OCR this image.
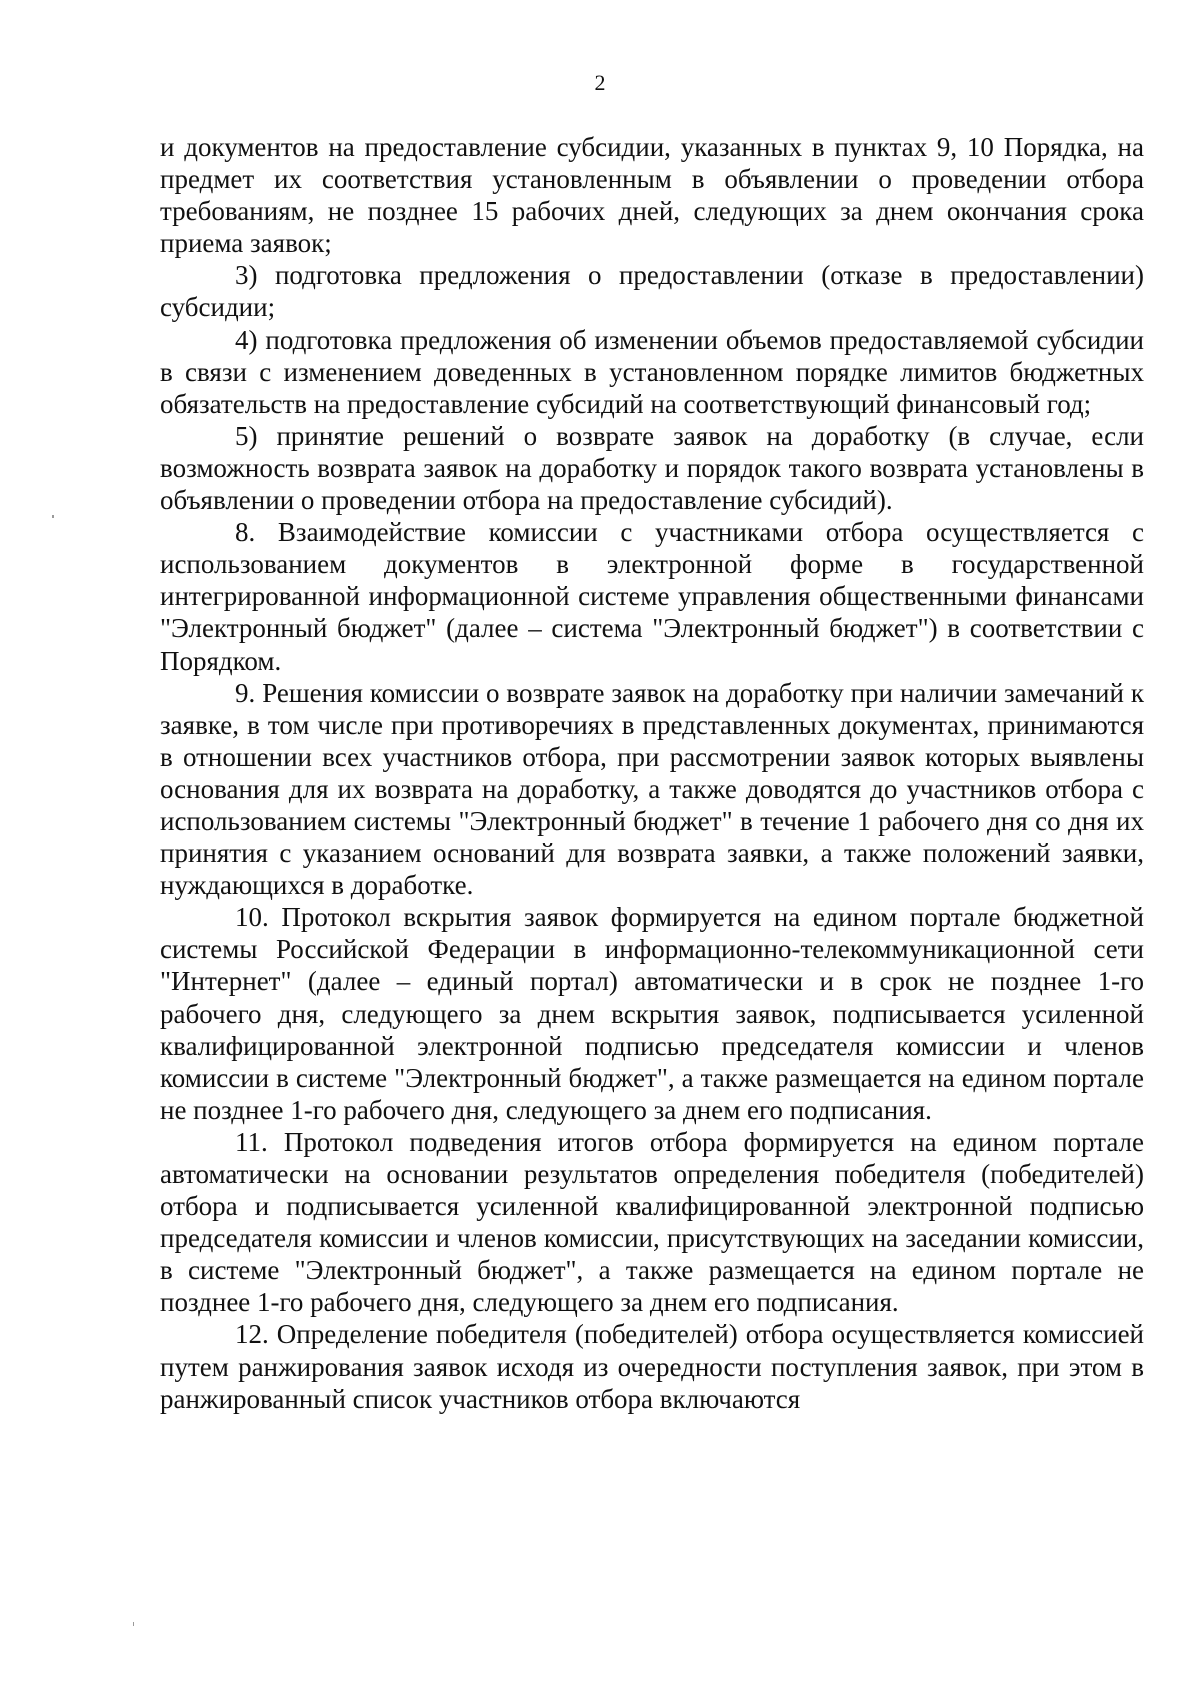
2

и документов на предоставление субсидии, указанных в пунктах 9, 10 Порядка, на предмет их соответствия установленным в объявлении о проведении отбора требованиям, не позднее 15 рабочих дней, следующих за днем окончания срока приема заявок;

3) подготовка предложения о предоставлении (отказе в предоставлении) субсидии;

4) подготовка предложения об изменении объемов предоставляемой субсидии в связи с изменением доведенных в установленном порядке лимитов бюджетных обязательств на предоставление субсидий на соответствующий финансовый год;

5) принятие решений о возврате заявок на доработку (в случае, если возможность возврата заявок на доработку и порядок такого возврата установлены в объявлении о проведении отбора на предоставление субсидий).

8. Взаимодействие комиссии с участниками отбора осуществляется с использованием документов в электронной форме в государственной интегрированной информационной системе управления общественными финансами "Электронный бюджет" (далее – система "Электронный бюджет") в соответствии с Порядком.

9. Решения комиссии о возврате заявок на доработку при наличии замечаний к заявке, в том числе при противоречиях в представленных документах, принимаются в отношении всех участников отбора, при рассмотрении заявок которых выявлены основания для их возврата на доработку, а также доводятся до участников отбора с использованием системы "Электронный бюджет" в течение 1 рабочего дня со дня их принятия с указанием оснований для возврата заявки, а также положений заявки, нуждающихся в доработке.

10. Протокол вскрытия заявок формируется на едином портале бюджетной системы Российской Федерации в информационно-телекоммуникационной сети "Интернет" (далее – единый портал) автоматически и в срок не позднее 1-го рабочего дня, следующего за днем вскрытия заявок, подписывается усиленной квалифицированной электронной подписью председателя комиссии и членов комиссии в системе "Электронный бюджет", а также размещается на едином портале не позднее 1-го рабочего дня, следующего за днем его подписания.

11. Протокол подведения итогов отбора формируется на едином портале автоматически на основании результатов определения победителя (победителей) отбора и подписывается усиленной квалифицированной электронной подписью председателя комиссии и членов комиссии, присутствующих на заседании комиссии, в системе "Электронный бюджет", а также размещается на едином портале не позднее 1-го рабочего дня, следующего за днем его подписания.

12. Определение победителя (победителей) отбора осуществляется комиссией путем ранжирования заявок исходя из очередности поступления заявок, при этом в ранжированный список участников отбора включаются
